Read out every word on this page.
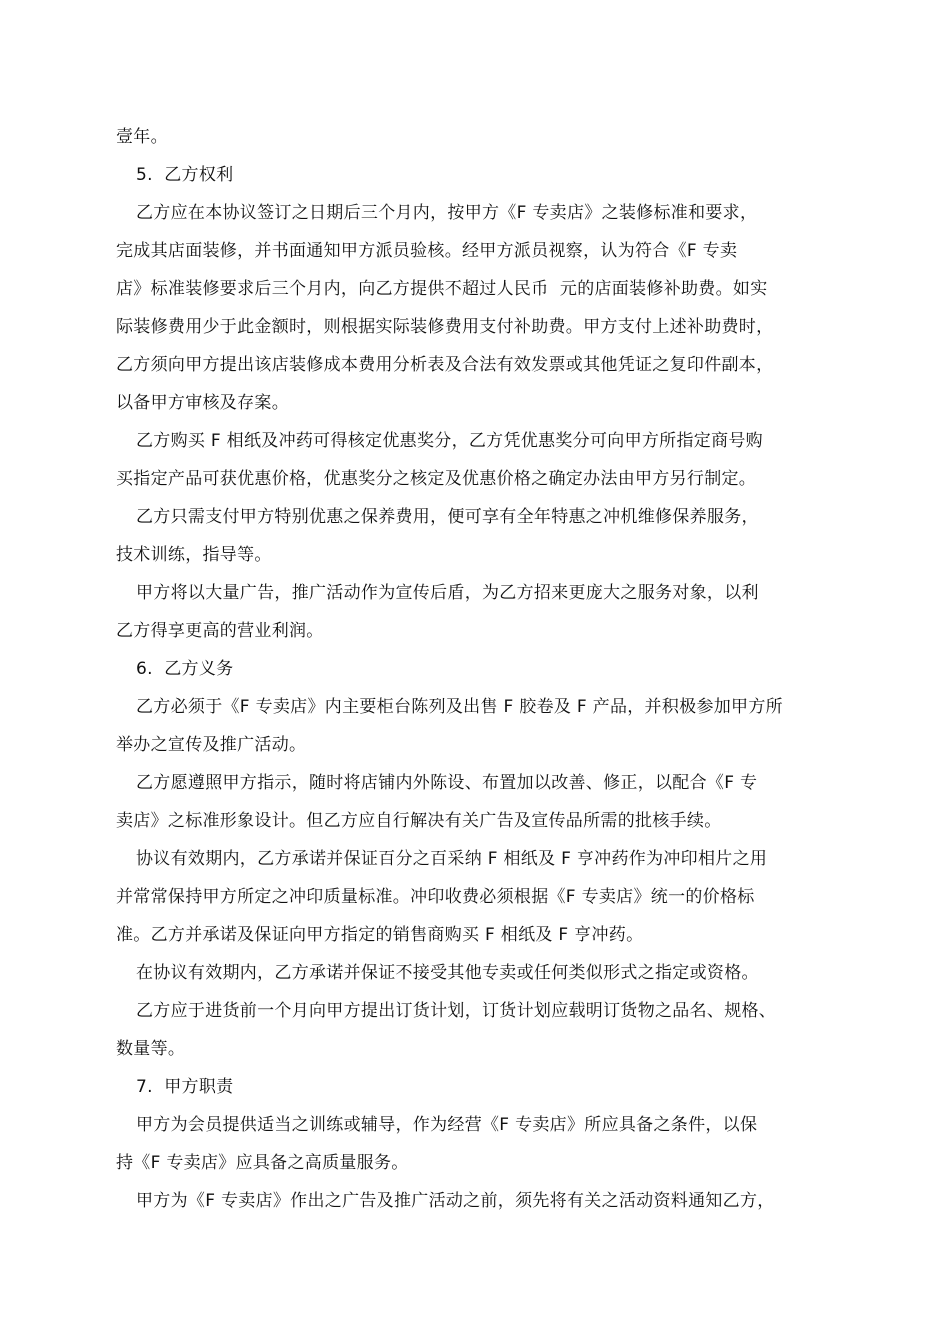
壹年。
5.  乙方权利
乙方应在本协议签订之日期后三个月内，按甲方《F 专卖店》之装修标准和要求，
完成其店面装修，并书面通知甲方派员验核。经甲方派员视察，认为符合《F 专卖
店》标准装修要求后三个月内，向乙方提供不超过人民币  元的店面装修补助费。如实
际装修费用少于此金额时，则根据实际装修费用支付补助费。甲方支付上述补助费时，
乙方须向甲方提出该店装修成本费用分析表及合法有效发票或其他凭证之复印件副本，
以备甲方审核及存案。
乙方购买 F 相纸及冲药可得核定优惠奖分，乙方凭优惠奖分可向甲方所指定商号购
买指定产品可获优惠价格，优惠奖分之核定及优惠价格之确定办法由甲方另行制定。
乙方只需支付甲方特别优惠之保养费用，便可享有全年特惠之冲机维修保养服务，
技术训练，指导等。
甲方将以大量广告，推广活动作为宣传后盾，为乙方招来更庞大之服务对象，以利
乙方得享更高的营业利润。
6.  乙方义务
乙方必须于《F 专卖店》内主要柜台陈列及出售 F 胶卷及 F 产品，并积极参加甲方所
举办之宣传及推广活动。
乙方愿遵照甲方指示，随时将店铺内外陈设、布置加以改善、修正，以配合《F 专
卖店》之标准形象设计。但乙方应自行解决有关广告及宣传品所需的批核手续。
协议有效期内，乙方承诺并保证百分之百采纳 F 相纸及 F 亨冲药作为冲印相片之用
并常常保持甲方所定之冲印质量标准。冲印收费必须根据《F 专卖店》统一的价格标
准。乙方并承诺及保证向甲方指定的销售商购买 F 相纸及 F 亨冲药。
在协议有效期内，乙方承诺并保证不接受其他专卖或任何类似形式之指定或资格。
乙方应于进货前一个月向甲方提出订货计划，订货计划应载明订货物之品名、规格、
数量等。
7.  甲方职责
甲方为会员提供适当之训练或辅导，作为经营《F 专卖店》所应具备之条件，以保
持《F 专卖店》应具备之高质量服务。
甲方为《F 专卖店》作出之广告及推广活动之前，须先将有关之活动资料通知乙方，
